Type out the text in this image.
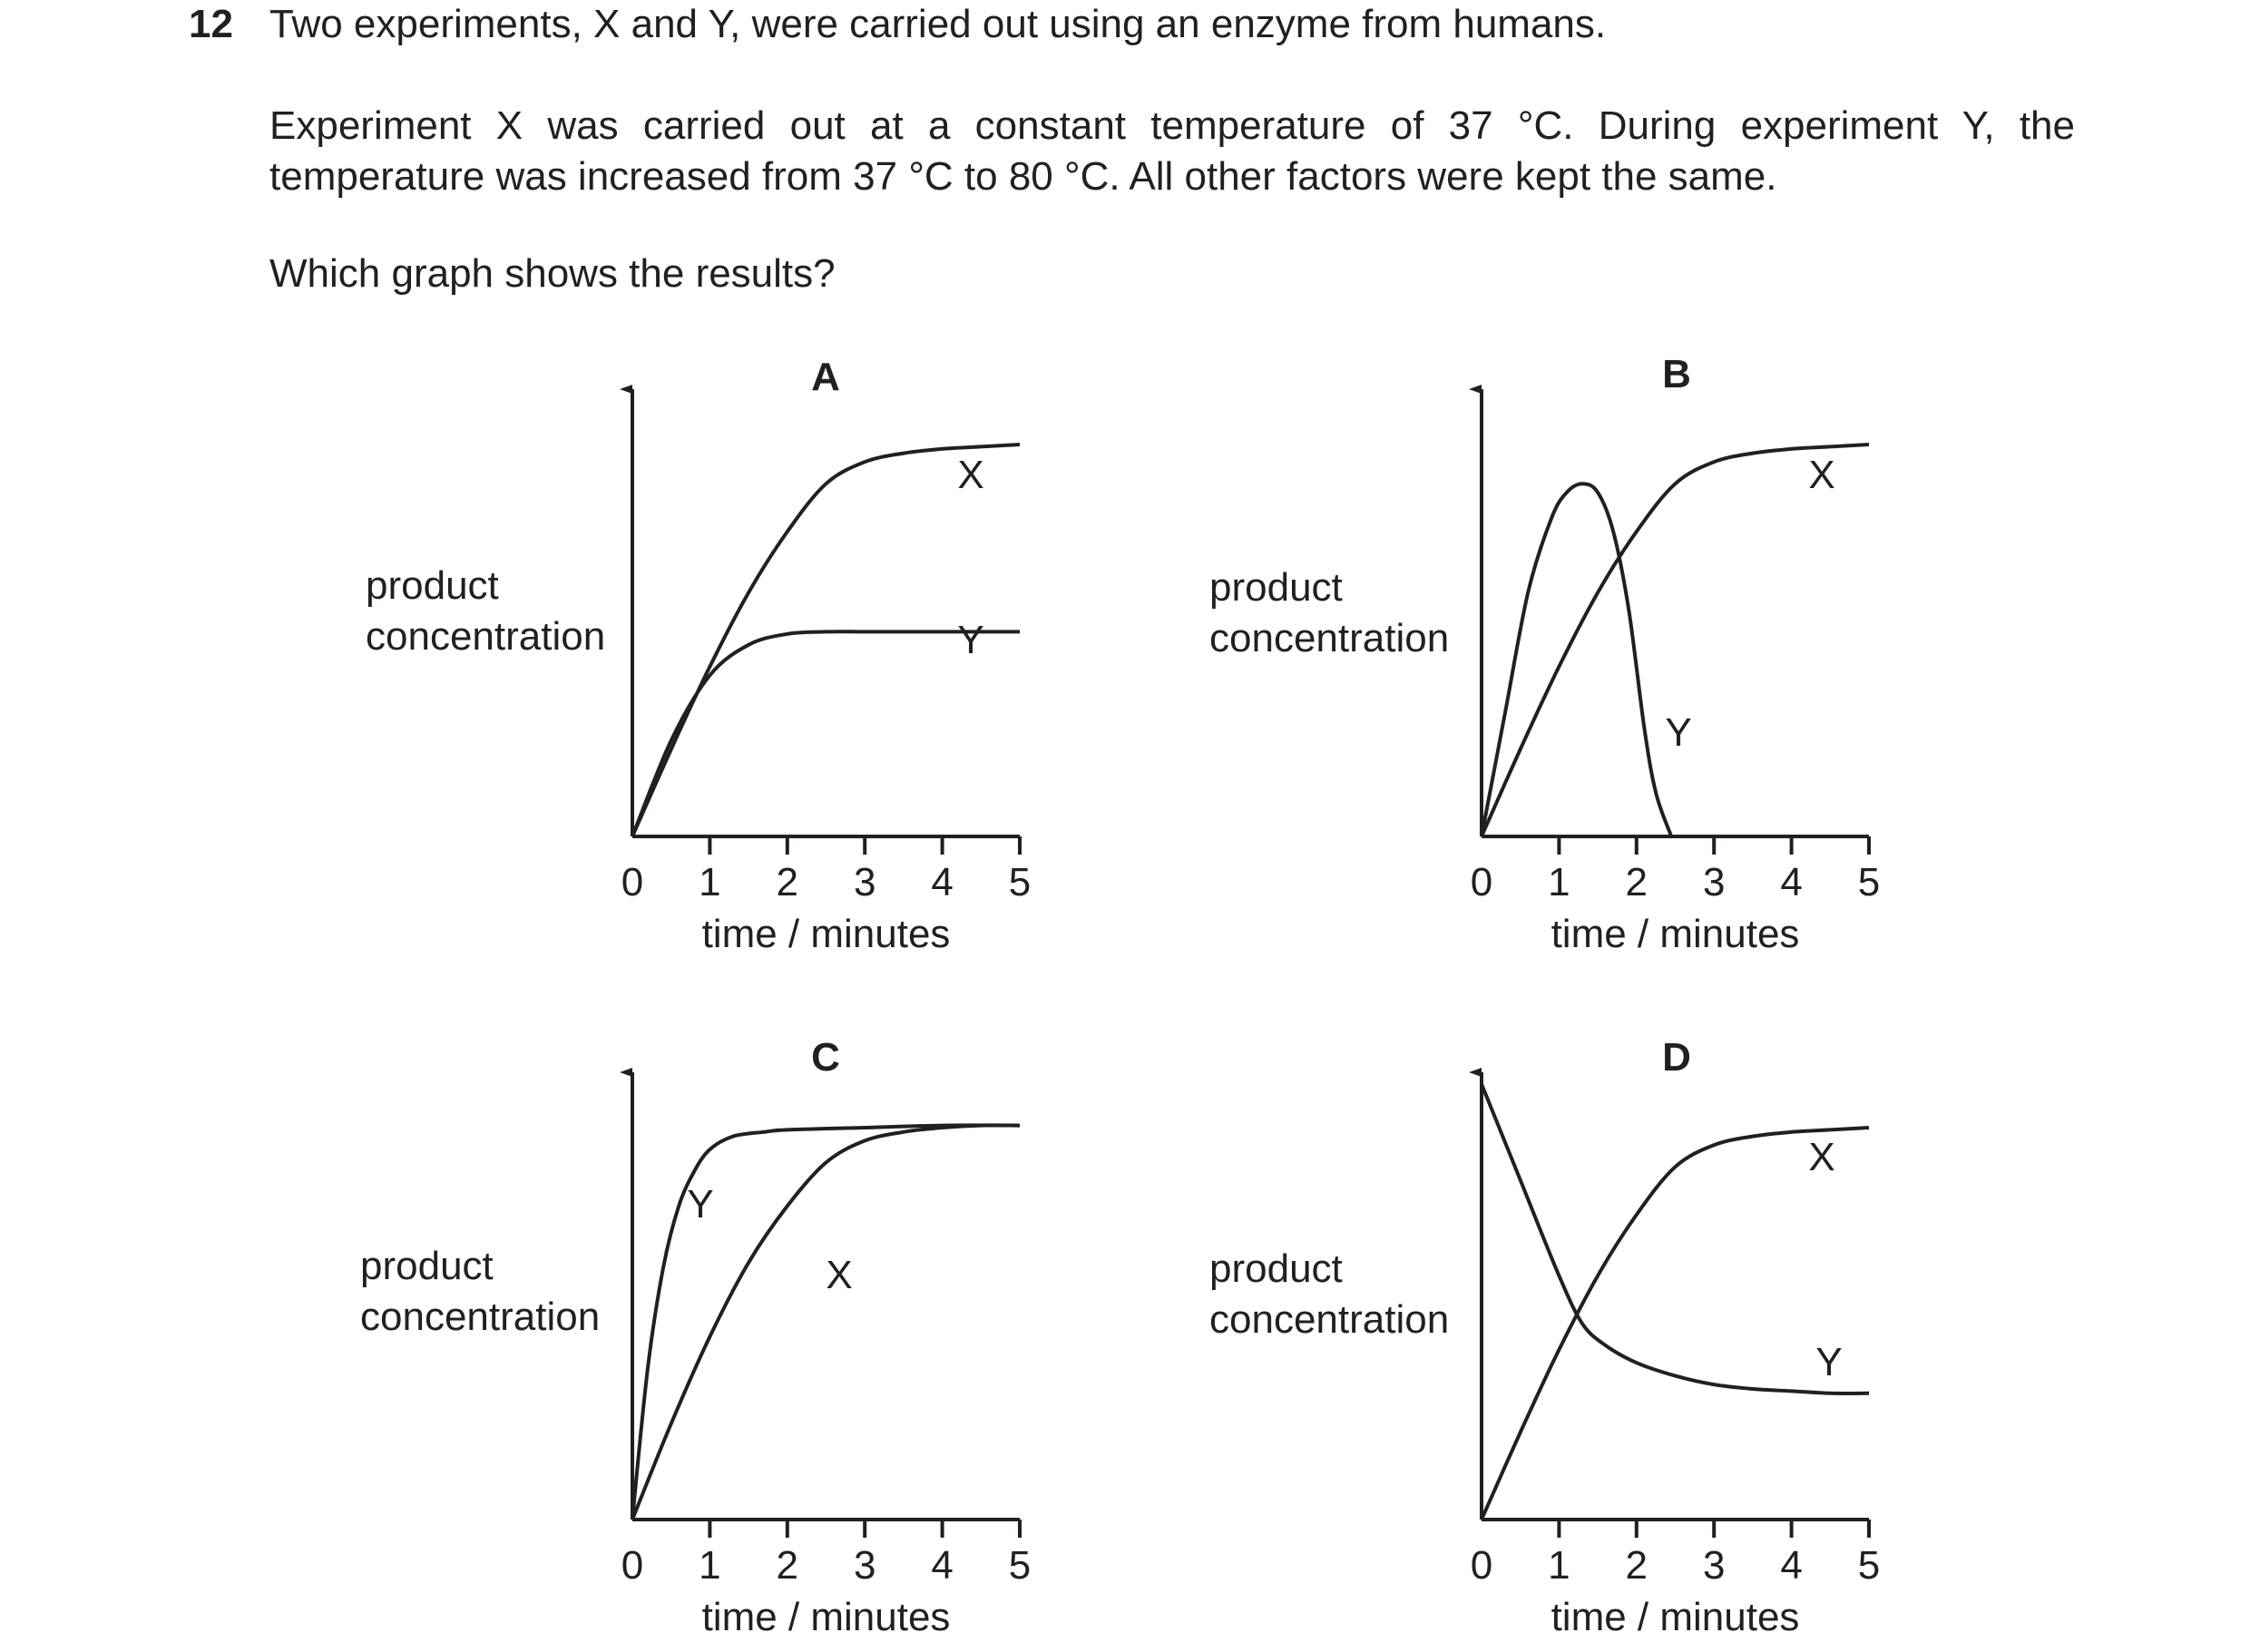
12 Two experiments, X and Y, were carried out using an enzyme from humans.
Experiment X was carried out at a constant temperature of 37 °C. During experiment Y, the
temperature was increased from 37 °C to 80 °C. All other factors were kept the same.
Which graph shows the results?
A
0 1 2 3 4 5
time / minutes
product
concentration
X
Y
B
0 1 2 3 4 5
time / minutes
product
concentration
X
Y
C
0 1 2 3 4 5
time / minutes
product
concentration
X
Y
D
0 1 2 3 4 5
time / minutes
product
concentration
X
Y
